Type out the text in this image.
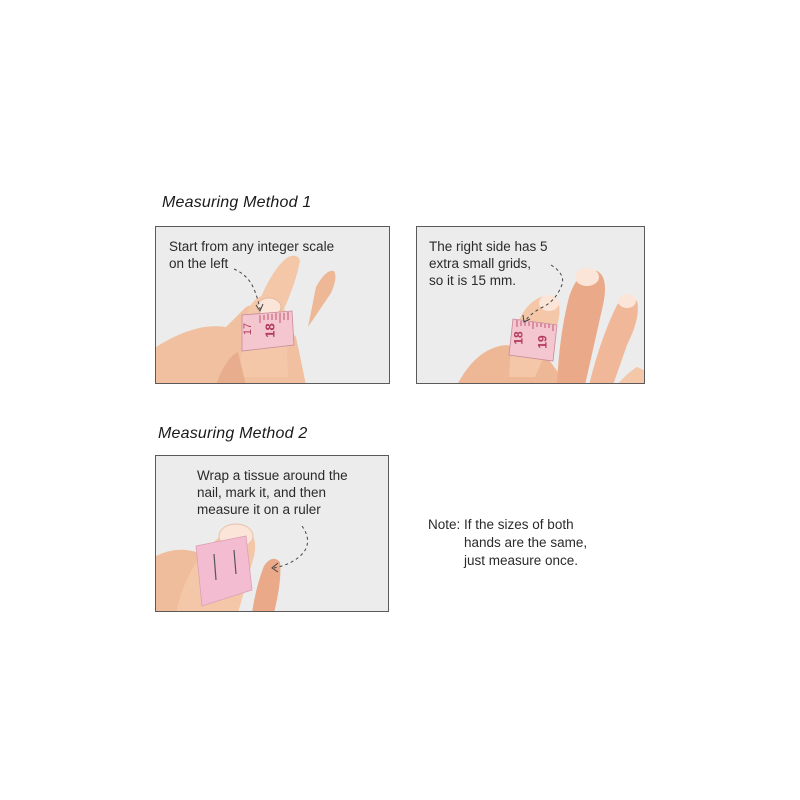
Measuring Method 1
Start from any integer scale
on the left
18
17
The right side has 5
extra small grids,
so it is 15 mm.
18 19
Measuring Method 2
Wrap a tissue around the
nail, mark it, and then
measure it on a ruler
Note: If the sizes of both
hands are the same,
just measure once.
